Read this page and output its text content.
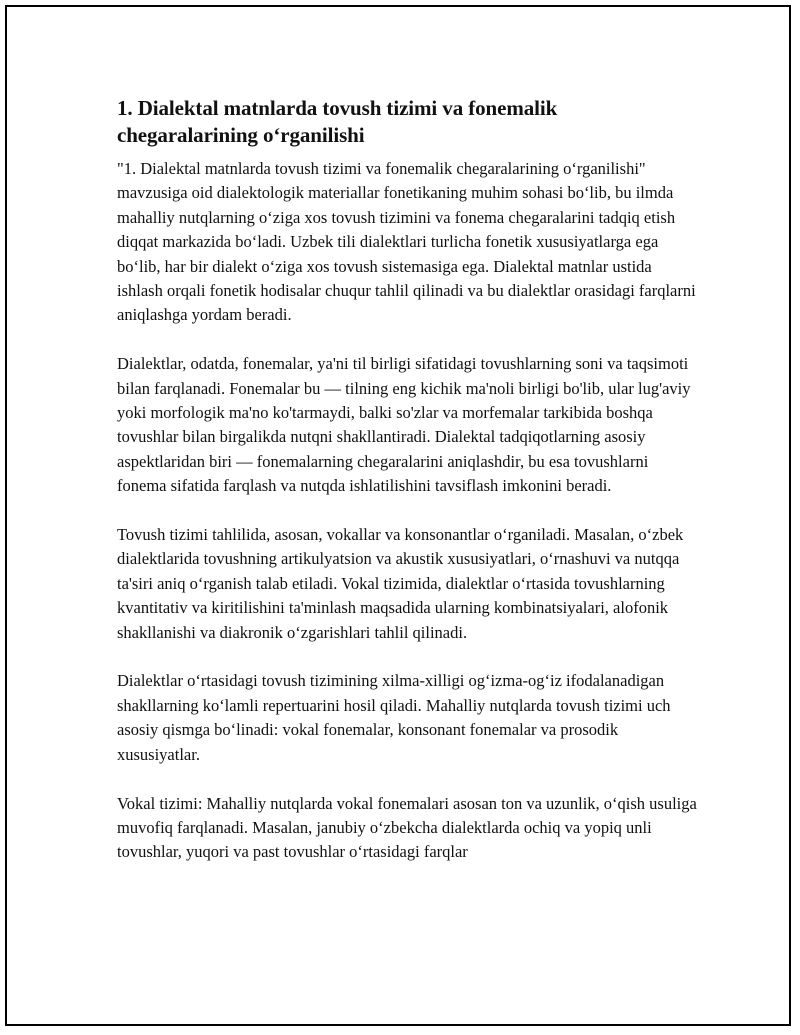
1. Dialektal matnlarda tovush tizimi va fonemalik chegaralarining o‘rganilishi

"1. Dialektal matnlarda tovush tizimi va fonemalik chegaralarining o‘rganilishi" mavzusiga oid dialektologik materiallar fonetikaning muhim sohasi bo‘lib, bu ilmda mahalliy nutqlarning o‘ziga xos tovush tizimini va fonema chegaralarini tadqiq etish diqqat markazida bo‘ladi. Uzbek tili dialektlari turlicha fonetik xususiyatlarga ega bo‘lib, har bir dialekt o‘ziga xos tovush sistemasiga ega. Dialektal matnlar ustida ishlash orqali fonetik hodisalar chuqur tahlil qilinadi va bu dialektlar orasidagi farqlarni aniqlashga yordam beradi.

Dialektlar, odatda, fonemalar, ya'ni til birligi sifatidagi tovushlarning soni va taqsimoti bilan farqlanadi. Fonemalar bu — tilning eng kichik ma'noli birligi bo'lib, ular lug'aviy yoki morfologik ma'no ko'tarmaydi, balki so'zlar va morfemalar tarkibida boshqa tovushlar bilan birgalikda nutqni shakllantiradi. Dialektal tadqiqotlarning asosiy aspektlaridan biri — fonemalarning chegaralarini aniqlashdir, bu esa tovushlarni fonema sifatida farqlash va nutqda ishlatilishini tavsiflash imkonini beradi.

Tovush tizimi tahlilida, asosan, vokallar va konsonantlar o‘rganiladi. Masalan, o‘zbek dialektlarida tovushning artikulyatsion va akustik xususiyatlari, o‘rnashuvi va nutqqa ta'siri aniq o‘rganish talab etiladi. Vokal tizimida, dialektlar o‘rtasida tovushlarning kvantitativ va kiritilishini ta'minlash maqsadida ularning kombinatsiyalari, alofonik shakllanishi va diakronik o‘zgarishlari tahlil qilinadi.

Dialektlar o‘rtasidagi tovush tizimining xilma-xilligi og‘izma-og‘iz ifodalanadigan shakllarning ko‘lamli repertuarini hosil qiladi. Mahalliy nutqlarda tovush tizimi uch asosiy qismga bo‘linadi: vokal fonemalar, konsonant fonemalar va prosodik xususiyatlar.

Vokal tizimi: Mahalliy nutqlarda vokal fonemalari asosan ton va uzunlik, o‘qish usuliga muvofiq farqlanadi. Masalan, janubiy o‘zbekcha dialektlarda ochiq va yopiq unli tovushlar, yuqori va past tovushlar o‘rtasidagi farqlar
